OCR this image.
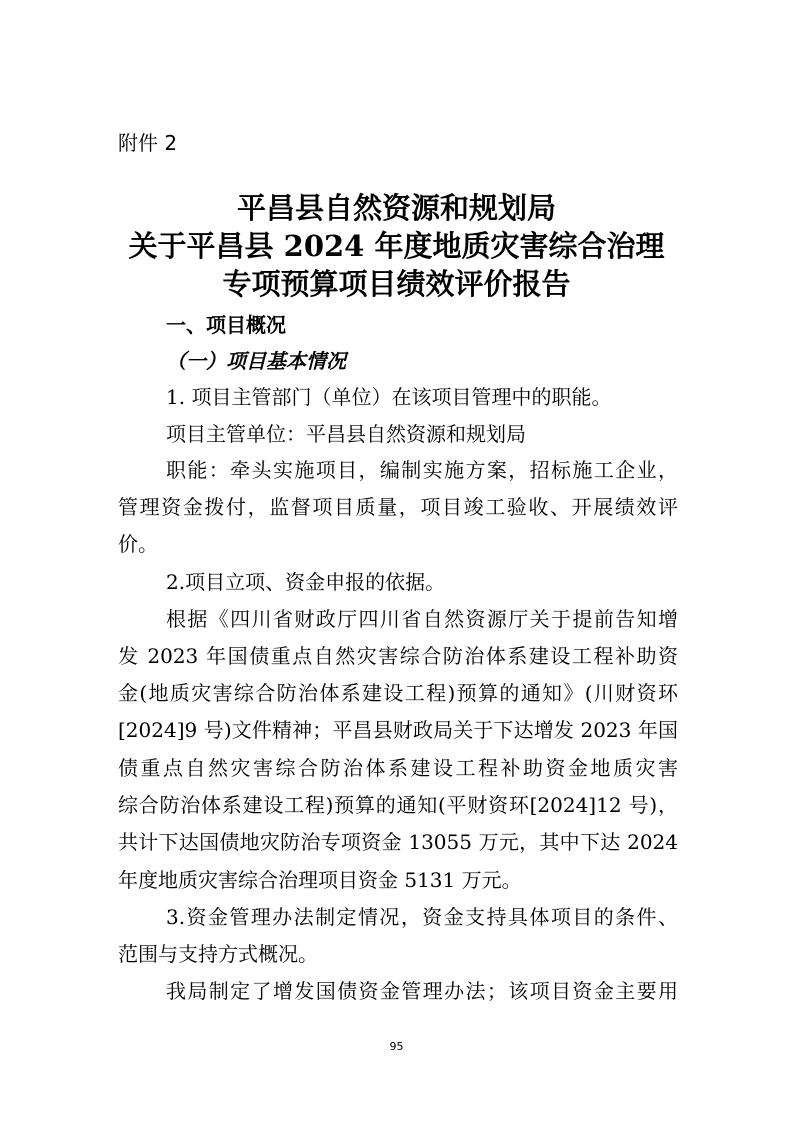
附件 2
平昌县自然资源和规划局
关于平昌县 2024 年度地质灾害综合治理
专项预算项目绩效评价报告
一、项目概况
（一）项目基本情况
1. 项目主管部门（单位）在该项目管理中的职能。
项目主管单位：平昌县自然资源和规划局
职能：牵头实施项目，编制实施方案，招标施工企业，
管理资金拨付，监督项目质量，项目竣工验收、开展绩效评
价。
2.项目立项、资金申报的依据。
根据《四川省财政厅四川省自然资源厅关于提前告知增
发 2023 年国债重点自然灾害综合防治体系建设工程补助资
金(地质灾害综合防治体系建设工程)预算的通知》(川财资环
[2024]9 号)文件精神；平昌县财政局关于下达增发 2023 年国
债重点自然灾害综合防治体系建设工程补助资金地质灾害
综合防治体系建设工程)预算的通知(平财资环[2024]12 号)，
共计下达国债地灾防治专项资金 13055 万元，其中下达 2024
年度地质灾害综合治理项目资金 5131 万元。
3.资金管理办法制定情况，资金支持具体项目的条件、
范围与支持方式概况。
我局制定了增发国债资金管理办法；该项目资金主要用
95
